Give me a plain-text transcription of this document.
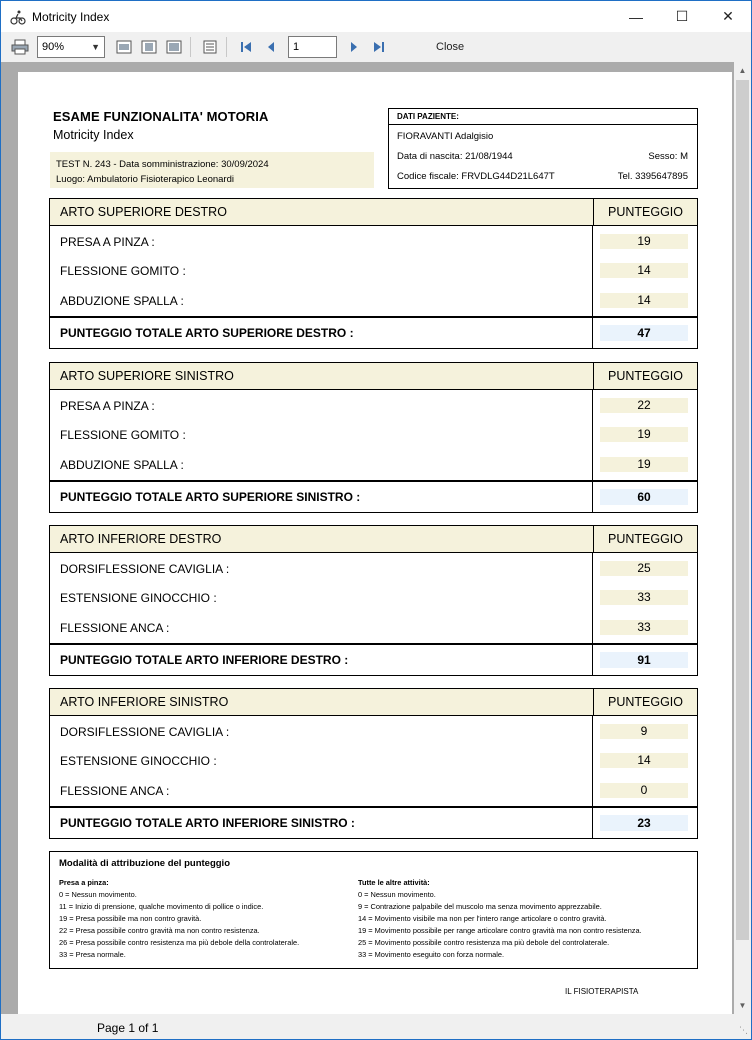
Motricity Index	—	☐	✕
90%	▼	1	Close
ESAME FUNZIONALITA' MOTORIA
Motricity Index
TEST N. 243 - Data somministrazione: 30/09/2024
Luogo: Ambulatorio Fisioterapico Leonardi
DATI PAZIENTE:
FIORAVANTI Adalgisio
Data di nascita: 21/08/1944	Sesso: M
Codice fiscale: FRVDLG44D21L647T	Tel. 3395647895
ARTO SUPERIORE DESTRO	PUNTEGGIO
PRESA A PINZA :	19
FLESSIONE GOMITO :	14
ABDUZIONE SPALLA :	14
PUNTEGGIO TOTALE ARTO SUPERIORE DESTRO :	47
ARTO SUPERIORE SINISTRO	PUNTEGGIO
PRESA A PINZA :	22
FLESSIONE GOMITO :	19
ABDUZIONE SPALLA :	19
PUNTEGGIO TOTALE ARTO SUPERIORE SINISTRO :	60
ARTO INFERIORE DESTRO	PUNTEGGIO
DORSIFLESSIONE CAVIGLIA :	25
ESTENSIONE GINOCCHIO :	33
FLESSIONE ANCA :	33
PUNTEGGIO TOTALE ARTO INFERIORE DESTRO :	91
ARTO INFERIORE SINISTRO	PUNTEGGIO
DORSIFLESSIONE CAVIGLIA :	9
ESTENSIONE GINOCCHIO :	14
FLESSIONE ANCA :	0
PUNTEGGIO TOTALE ARTO INFERIORE SINISTRO :	23
Modalità di attribuzione del punteggio
Presa a pinza:
0 = Nessun movimento.
11 = Inizio di prensione, qualche movimento di pollice o indice.
19 = Presa possibile ma non contro gravità.
22 = Presa possibile contro gravità ma non contro resistenza.
26 = Presa possibile contro resistenza ma più debole della controlaterale.
33 = Presa normale.
Tutte le altre attività:
0 = Nessun movimento.
9 = Contrazione palpabile del muscolo ma senza movimento apprezzabile.
14 = Movimento visibile ma non per l'intero range articolare o contro gravità.
19 = Movimento possibile per range articolare contro gravità ma non contro resistenza.
25 = Movimento possibile contro resistenza ma più debole del controlaterale.
33 = Movimento eseguito con forza normale.
IL FISIOTERAPISTA
▲
▼
Page 1 of 1	⋱
